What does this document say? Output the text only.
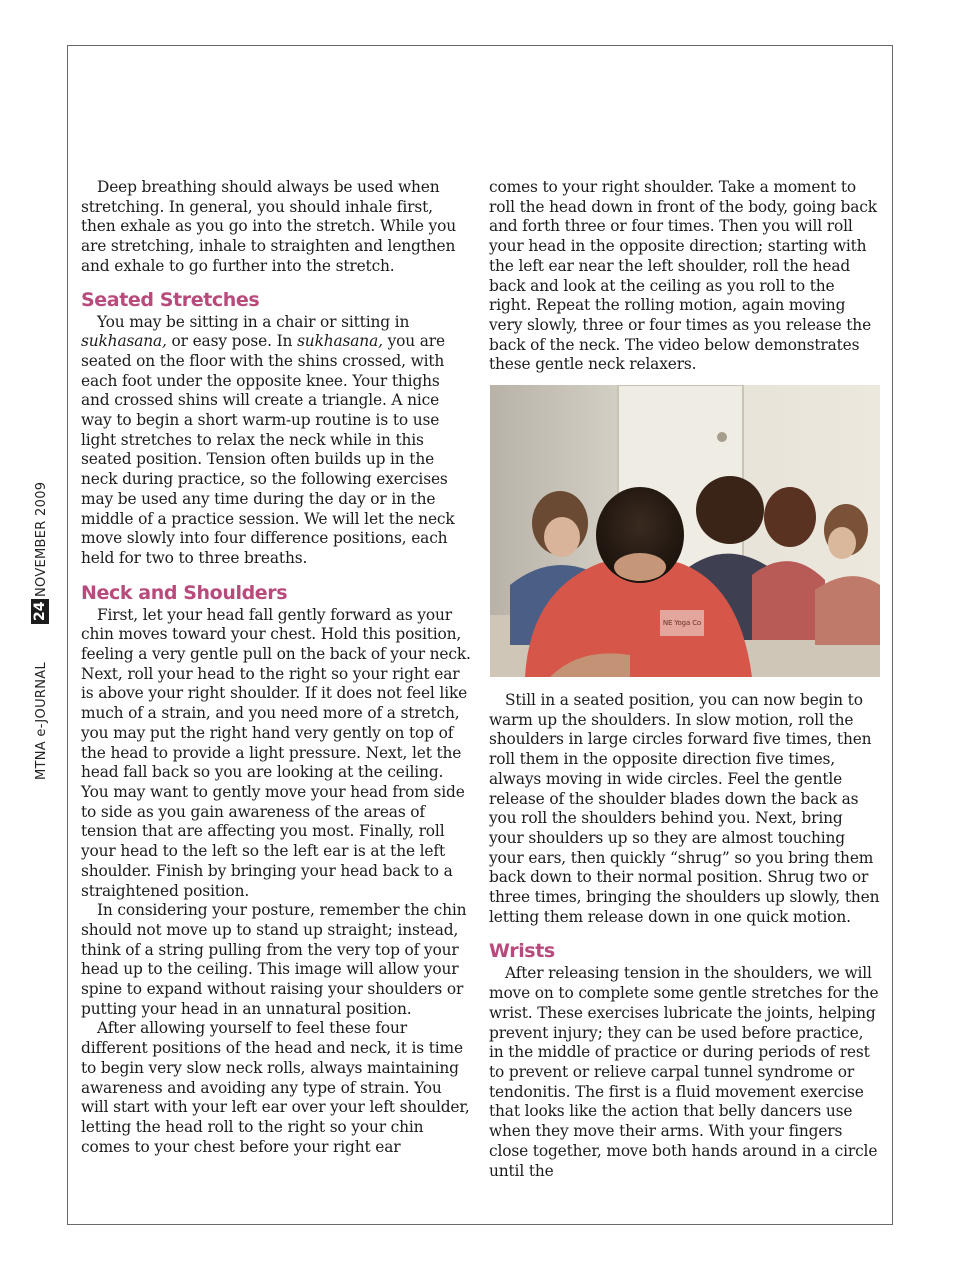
MTNA e-JOURNAL
24
NOVEMBER 2009

Deep breathing should always be used when stretching. In general, you should inhale first, then exhale as you go into the stretch. While you are stretching, inhale to straighten and lengthen and exhale to go further into the stretch.

Seated Stretches

You may be sitting in a chair or sitting in sukhasana, or easy pose. In sukhasana, you are seated on the floor with the shins crossed, with each foot under the opposite knee. Your thighs and crossed shins will create a triangle. A nice way to begin a short warm-up routine is to use light stretches to relax the neck while in this seated position. Tension often builds up in the neck during practice, so the following exercises may be used any time during the day or in the middle of a practice session. We will let the neck move slowly into four difference positions, each held for two to three breaths.

Neck and Shoulders

First, let your head fall gently forward as your chin moves toward your chest. Hold this position, feeling a very gentle pull on the back of your neck. Next, roll your head to the right so your right ear is above your right shoulder. If it does not feel like much of a strain, and you need more of a stretch, you may put the right hand very gently on top of the head to provide a light pressure. Next, let the head fall back so you are looking at the ceiling. You may want to gently move your head from side to side as you gain awareness of the areas of tension that are affecting you most. Finally, roll your head to the left so the left ear is at the left shoulder. Finish by bringing your head back to a straightened position.

In considering your posture, remember the chin should not move up to stand up straight; instead, think of a string pulling from the very top of your head up to the ceiling. This image will allow your spine to expand without raising your shoulders or putting your head in an unnatural position.

After allowing yourself to feel these four different positions of the head and neck, it is time to begin very slow neck rolls, always maintaining awareness and avoiding any type of strain. You will start with your left ear over your left shoulder, letting the head roll to the right so your chin comes to your chest before your right ear

comes to your right shoulder. Take a moment to roll the head down in front of the body, going back and forth three or four times. Then you will roll your head in the opposite direction; starting with the left ear near the left shoulder, roll the head back and look at the ceiling as you roll to the right. Repeat the rolling motion, again moving very slowly, three or four times as you release the back of the neck. The video below demonstrates these gentle neck relaxers.

NE Yoga Co

Still in a seated position, you can now begin to warm up the shoulders. In slow motion, roll the shoulders in large circles forward five times, then roll them in the opposite direction five times, always moving in wide circles. Feel the gentle release of the shoulder blades down the back as you roll the shoulders behind you. Next, bring your shoulders up so they are almost touching your ears, then quickly “shrug” so you bring them back down to their normal position. Shrug two or three times, bringing the shoulders up slowly, then letting them release down in one quick motion.

Wrists

After releasing tension in the shoulders, we will move on to complete some gentle stretches for the wrist. These exercises lubricate the joints, helping prevent injury; they can be used before practice, in the middle of practice or during periods of rest to prevent or relieve carpal tunnel syndrome or tendonitis. The first is a fluid movement exercise that looks like the action that belly dancers use when they move their arms. With your fingers close together, move both hands around in a circle until the
